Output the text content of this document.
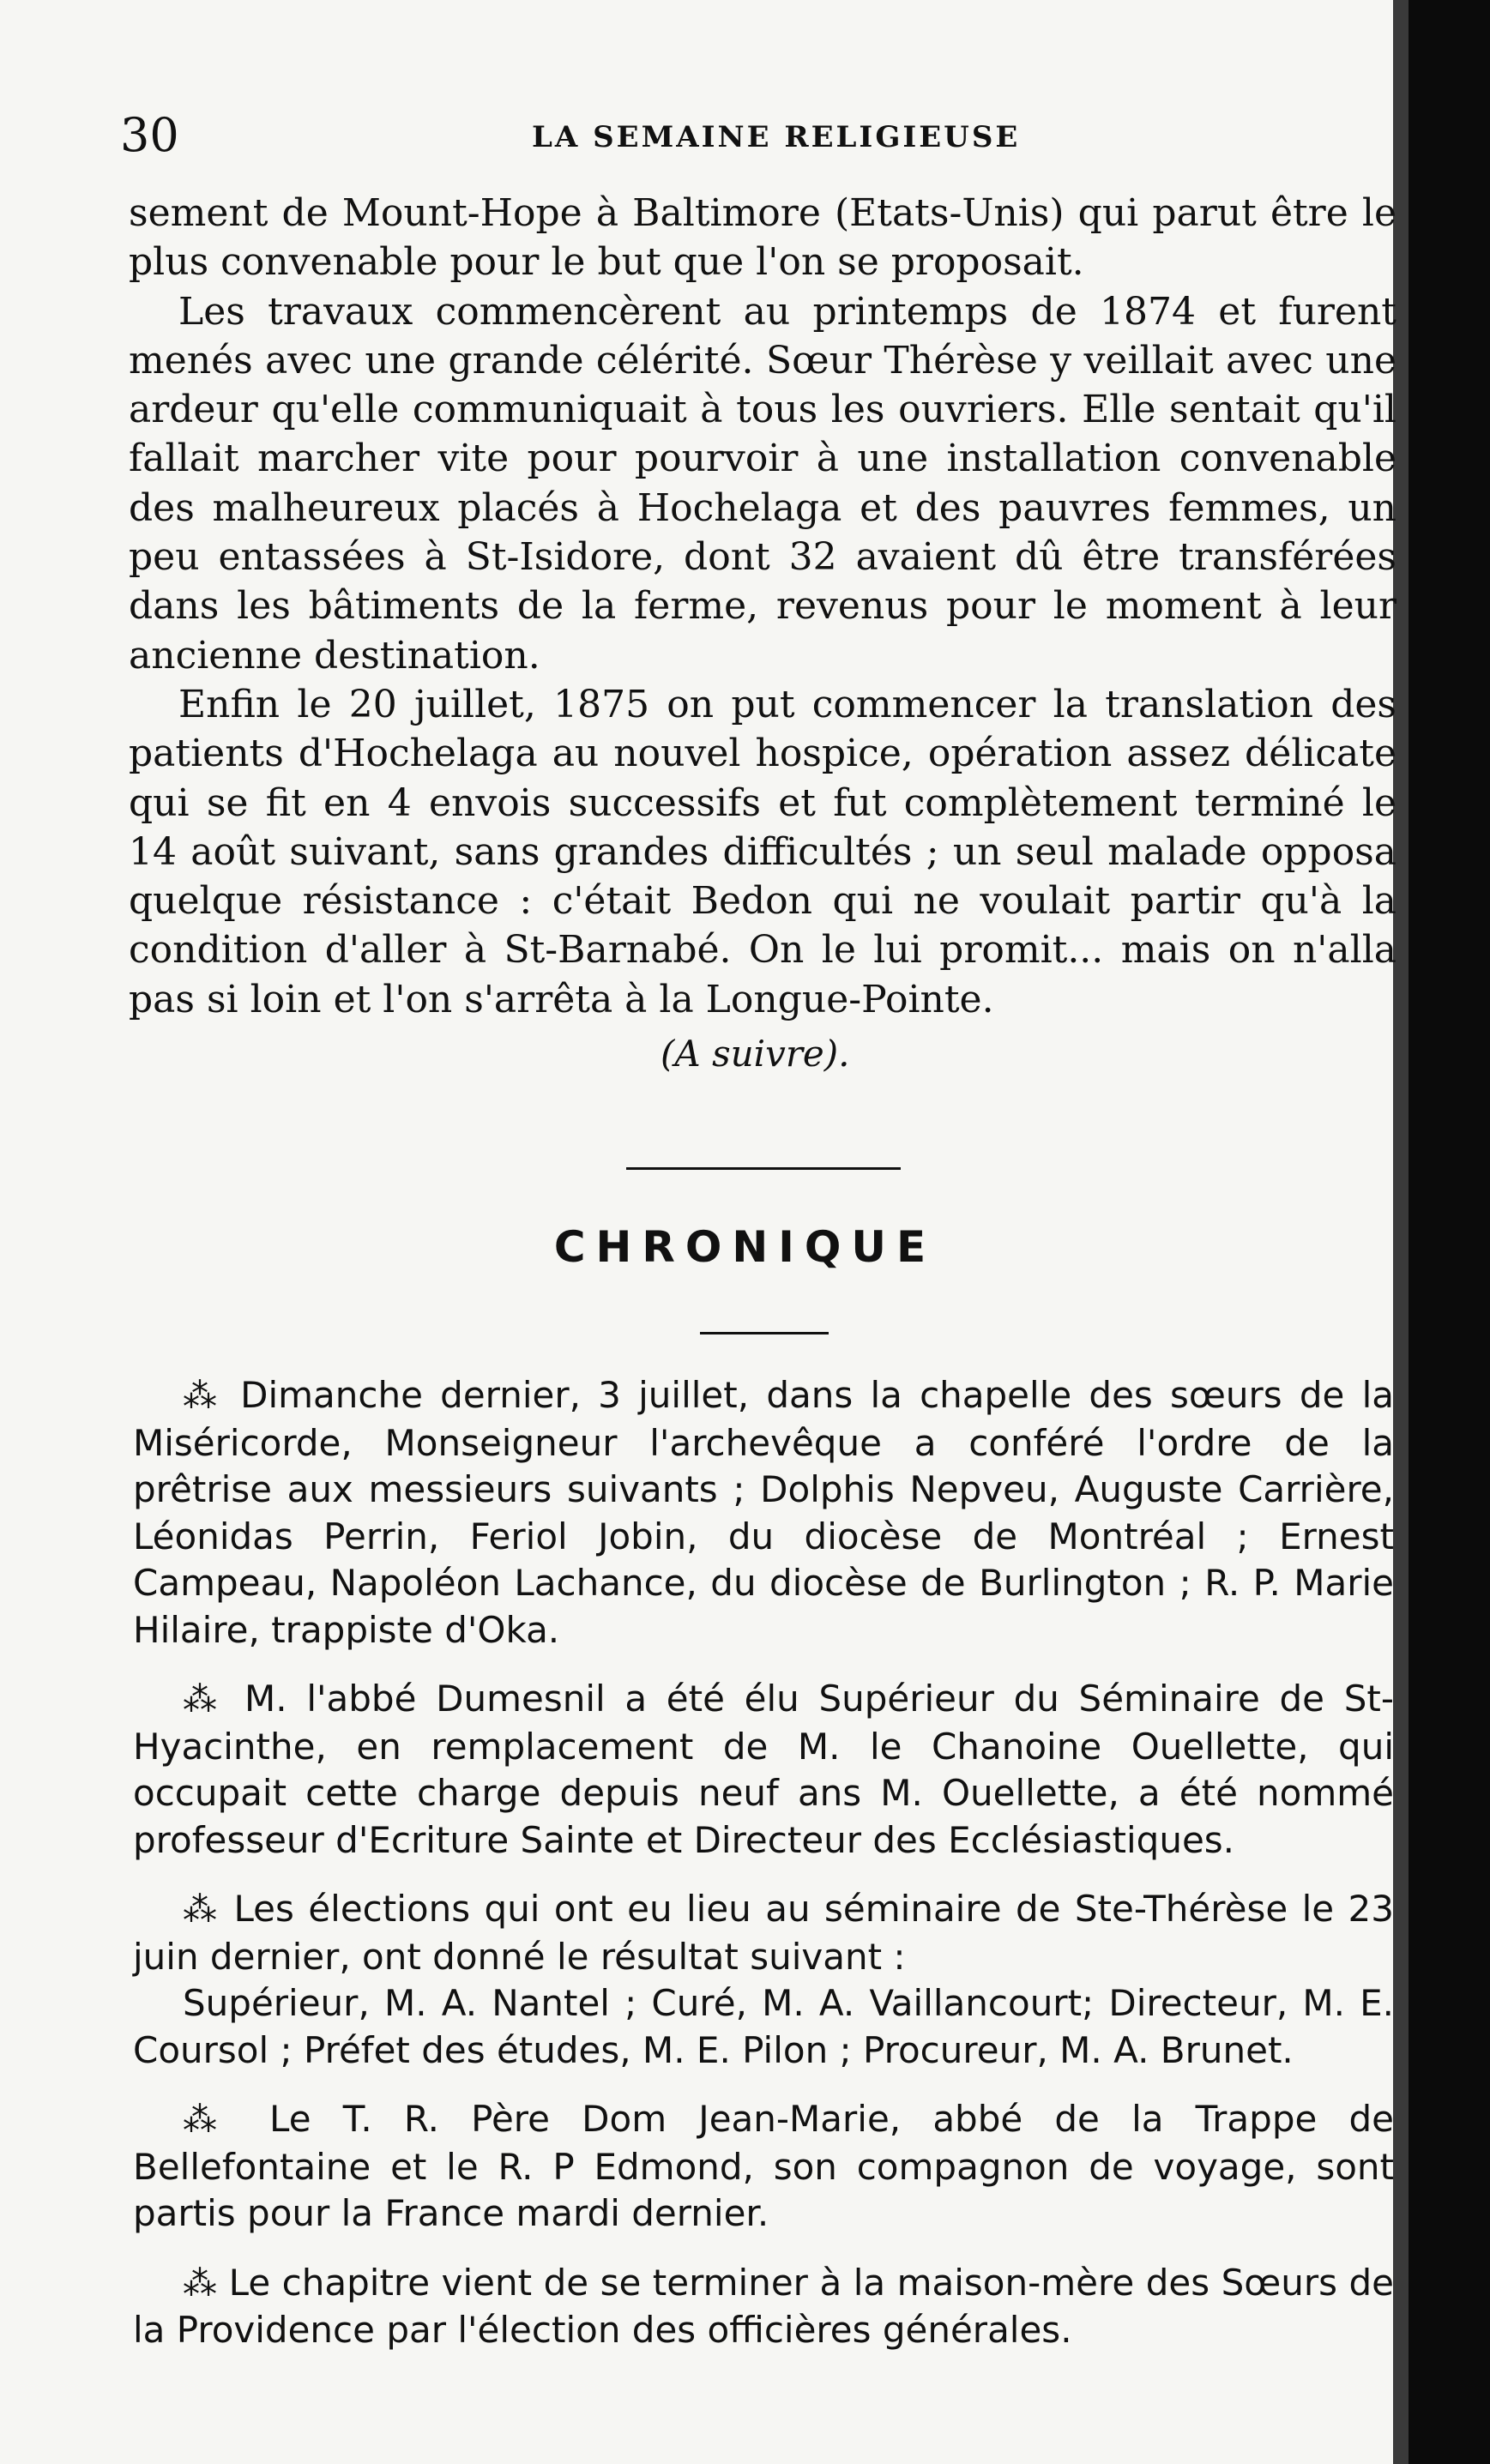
30	LA SEMAINE RELIGIEUSE

sement de Mount-Hope à Baltimore (Etats-Unis) qui parut être le plus convenable pour le but que l'on se proposait.

Les travaux commencèrent au printemps de 1874 et furent menés avec une grande célérité. Sœur Thérèse y veillait avec une ardeur qu'elle communiquait à tous les ouvriers. Elle sentait qu'il fallait marcher vite pour pourvoir à une installation convenable des malheureux placés à Hochelaga et des pauvres femmes, un peu entassées à St-Isidore, dont 32 avaient dû être transférées dans les bâtiments de la ferme, revenus pour le moment à leur ancienne destination.

Enfin le 20 juillet, 1875 on put commencer la translation des patients d'Hochelaga au nouvel hospice, opération assez délicate qui se fit en 4 envois successifs et fut complètement terminé le 14 août suivant, sans grandes difficultés ; un seul malade opposa quelque résistance : c'était Bedon qui ne voulait partir qu'à la condition d'aller à St-Barnabé. On le lui promit... mais on n'alla pas si loin et l'on s'arrêta à la Longue-Pointe.

(A suivre).
CHRONIQUE

⁂ Dimanche dernier, 3 juillet, dans la chapelle des sœurs de la Miséricorde, Monseigneur l'archevêque a conféré l'ordre de la prêtrise aux messieurs suivants ; Dolphis Nepveu, Auguste Carrière, Léonidas Perrin, Feriol Jobin, du diocèse de Montréal ; Ernest Campeau, Napoléon Lachance, du diocèse de Burlington ; R. P. Marie Hilaire, trappiste d'Oka.

⁂ M. l'abbé Dumesnil a été élu Supérieur du Séminaire de St-Hyacinthe, en remplacement de M. le Chanoine Ouellette, qui occupait cette charge depuis neuf ans M. Ouellette, a été nommé professeur d'Ecriture Sainte et Directeur des Ecclésiastiques.

⁂ Les élections qui ont eu lieu au séminaire de Ste-Thérèse le 23 juin dernier, ont donné le résultat suivant :

Supérieur, M. A. Nantel ; Curé, M. A. Vaillancourt; Directeur, M. E. Coursol ; Préfet des études, M. E. Pilon ; Procureur, M. A. Brunet.

⁂ Le T. R. Père Dom Jean-Marie, abbé de la Trappe de Bellefontaine et le R. P Edmond, son compagnon de voyage, sont partis pour la France mardi dernier.

⁂ Le chapitre vient de se terminer à la maison-mère des Sœurs de la Providence par l'élection des officières générales.
